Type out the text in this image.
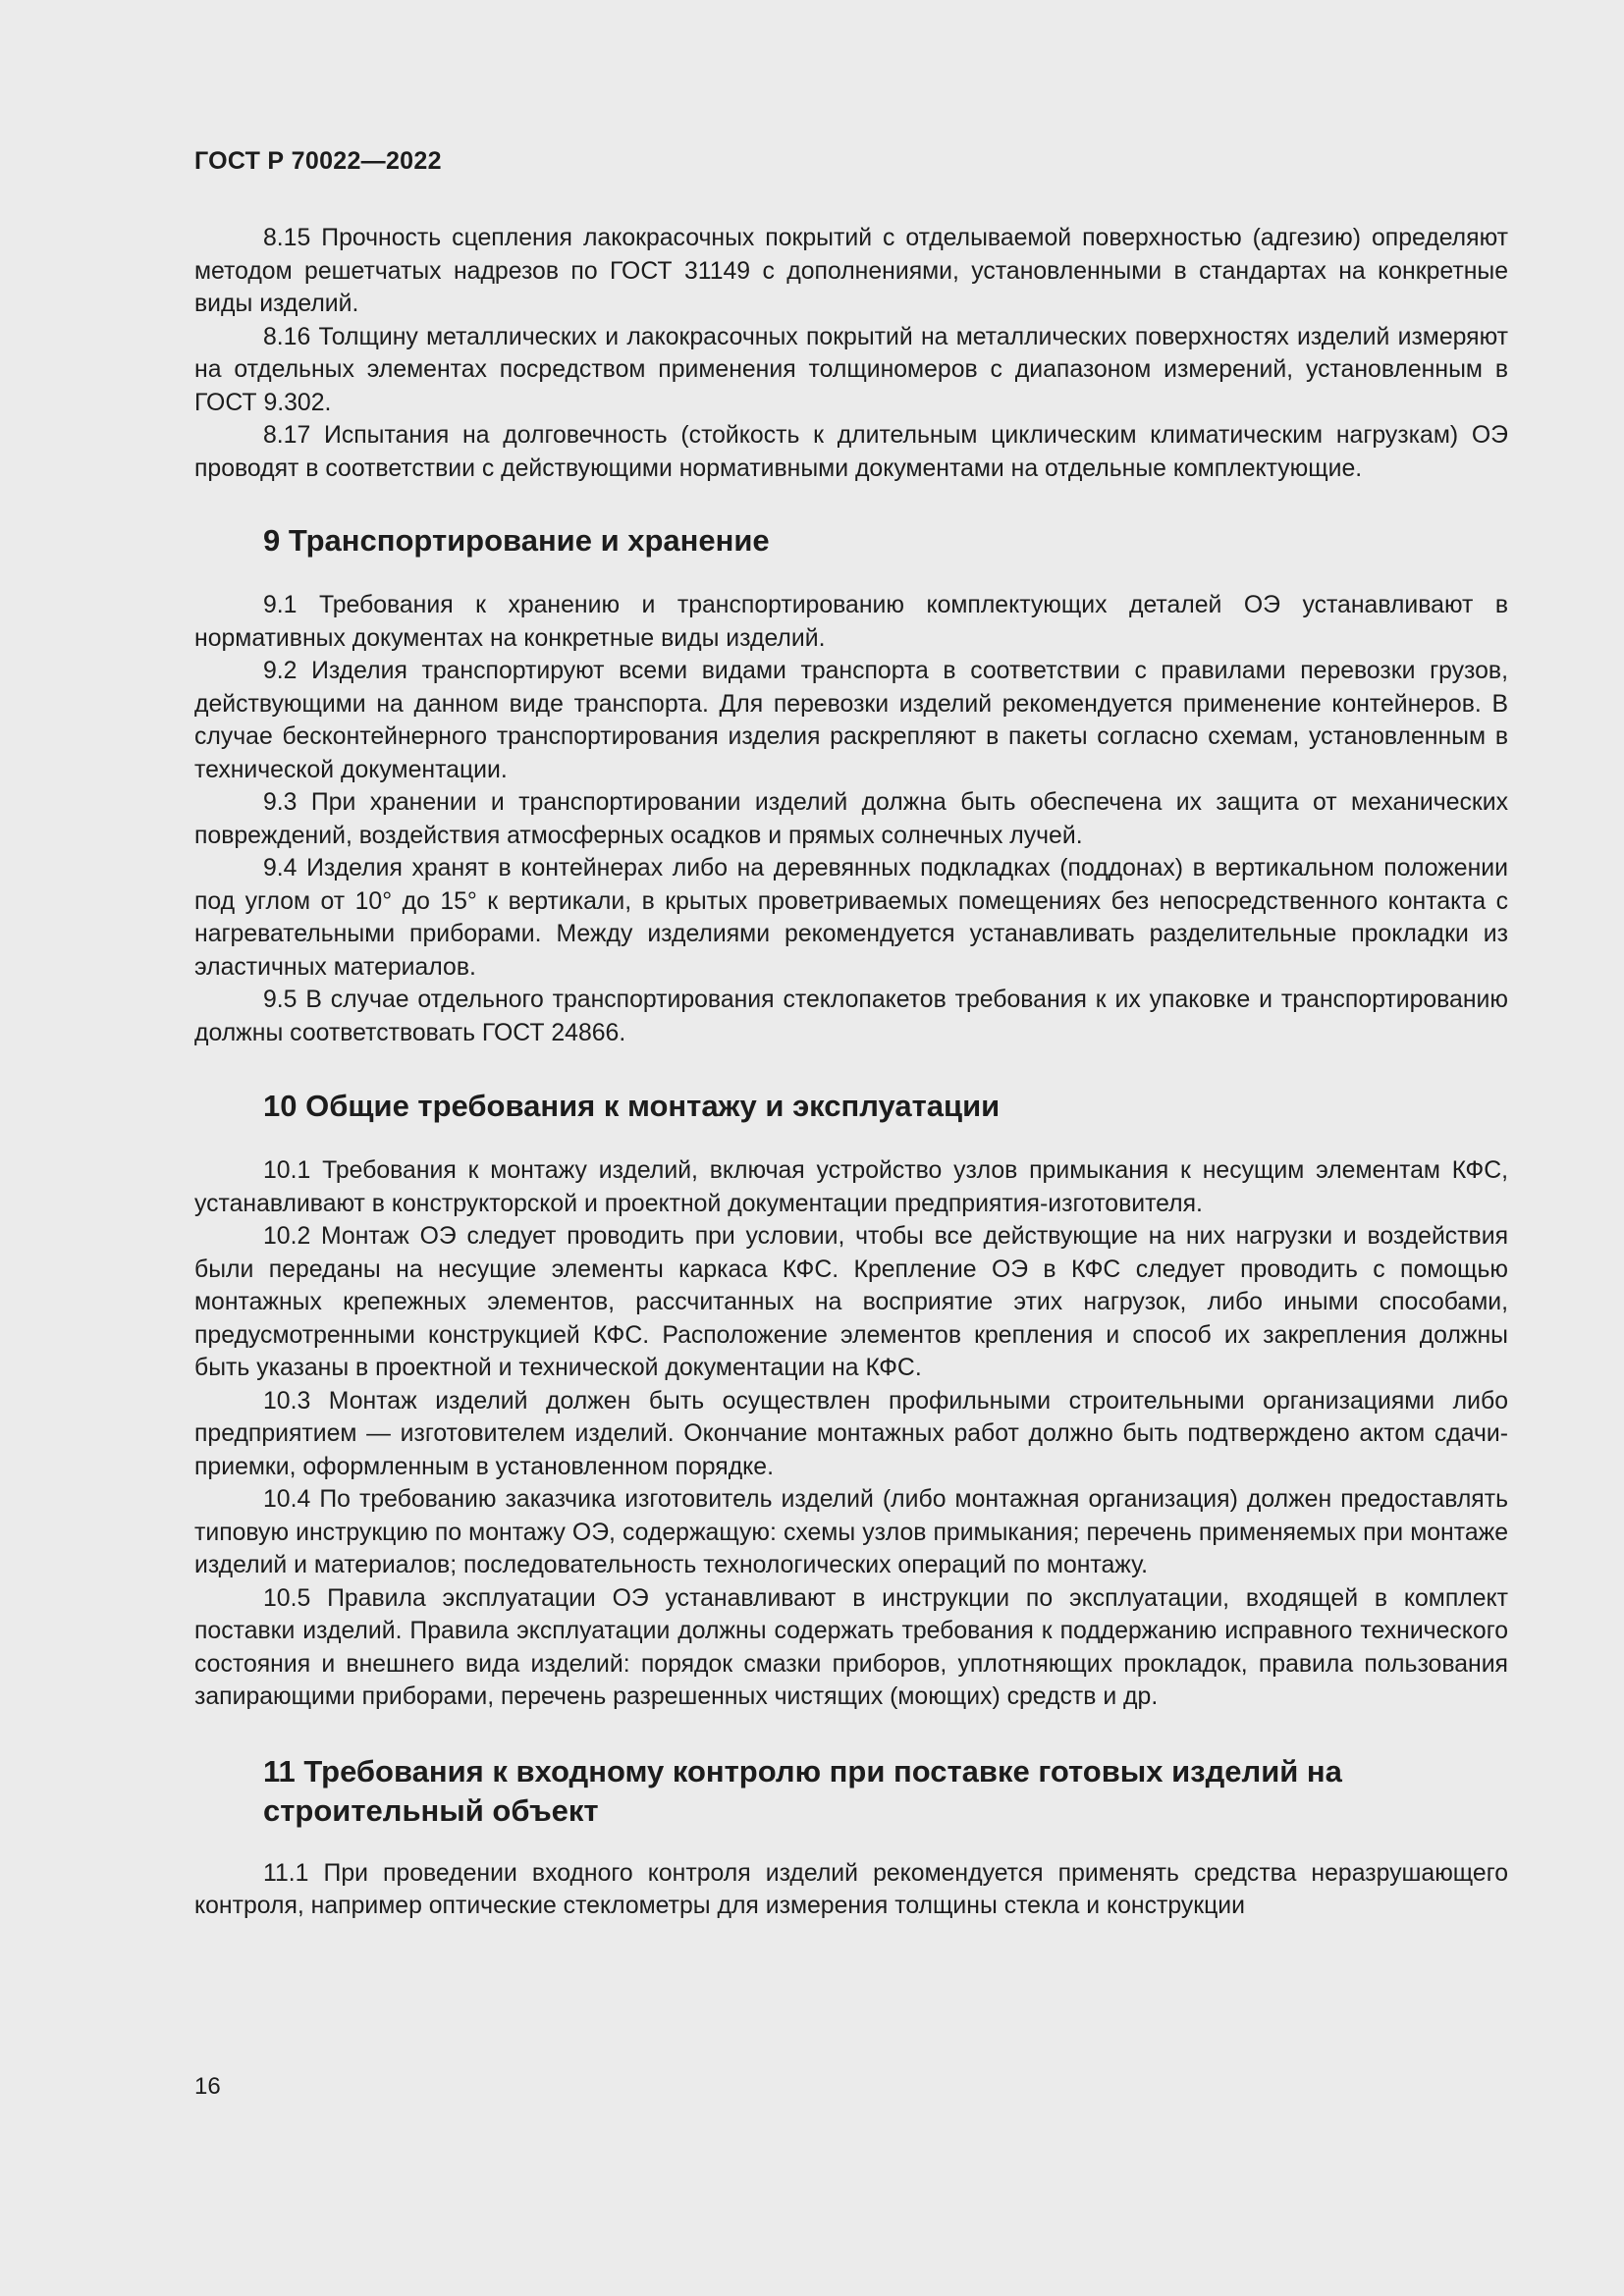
ГОСТ Р 70022—2022

8.15 Прочность сцепления лакокрасочных покрытий с отделываемой поверхностью (адгезию) определяют методом решетчатых надрезов по ГОСТ 31149 с дополнениями, установленными в стандартах на конкретные виды изделий.

8.16 Толщину металлических и лакокрасочных покрытий на металлических поверхностях изделий измеряют на отдельных элементах посредством применения толщиномеров с диапазоном измерений, установленным в ГОСТ 9.302.

8.17 Испытания на долговечность (стойкость к длительным циклическим климатическим нагрузкам) ОЭ проводят в соответствии с действующими нормативными документами на отдельные комплектующие.

9 Транспортирование и хранение

9.1 Требования к хранению и транспортированию комплектующих деталей ОЭ устанавливают в нормативных документах на конкретные виды изделий.

9.2 Изделия транспортируют всеми видами транспорта в соответствии с правилами перевозки грузов, действующими на данном виде транспорта. Для перевозки изделий рекомендуется применение контейнеров. В случае бесконтейнерного транспортирования изделия раскрепляют в пакеты согласно схемам, установленным в технической документации.

9.3 При хранении и транспортировании изделий должна быть обеспечена их защита от механических повреждений, воздействия атмосферных осадков и прямых солнечных лучей.

9.4 Изделия хранят в контейнерах либо на деревянных подкладках (поддонах) в вертикальном положении под углом от 10° до 15° к вертикали, в крытых проветриваемых помещениях без непосредственного контакта с нагревательными приборами. Между изделиями рекомендуется устанавливать разделительные прокладки из эластичных материалов.

9.5 В случае отдельного транспортирования стеклопакетов требования к их упаковке и транспортированию должны соответствовать ГОСТ 24866.

10 Общие требования к монтажу и эксплуатации

10.1 Требования к монтажу изделий, включая устройство узлов примыкания к несущим элементам КФС, устанавливают в конструкторской и проектной документации предприятия-изготовителя.

10.2 Монтаж ОЭ следует проводить при условии, чтобы все действующие на них нагрузки и воздействия были переданы на несущие элементы каркаса КФС. Крепление ОЭ в КФС следует проводить с помощью монтажных крепежных элементов, рассчитанных на восприятие этих нагрузок, либо иными способами, предусмотренными конструкцией КФС. Расположение элементов крепления и способ их закрепления должны быть указаны в проектной и технической документации на КФС.

10.3 Монтаж изделий должен быть осуществлен профильными строительными организациями либо предприятием — изготовителем изделий. Окончание монтажных работ должно быть подтверждено актом сдачи-приемки, оформленным в установленном порядке.

10.4 По требованию заказчика изготовитель изделий (либо монтажная организация) должен предоставлять типовую инструкцию по монтажу ОЭ, содержащую: схемы узлов примыкания; перечень применяемых при монтаже изделий и материалов; последовательность технологических операций по монтажу.

10.5 Правила эксплуатации ОЭ устанавливают в инструкции по эксплуатации, входящей в комплект поставки изделий. Правила эксплуатации должны содержать требования к поддержанию исправного технического состояния и внешнего вида изделий: порядок смазки приборов, уплотняющих прокладок, правила пользования запирающими приборами, перечень разрешенных чистящих (моющих) средств и др.

11 Требования к входному контролю при поставке готовых изделий на строительный объект

11.1 При проведении входного контроля изделий рекомендуется применять средства неразрушающего контроля, например оптические стеклометры для измерения толщины стекла и конструкции

16
